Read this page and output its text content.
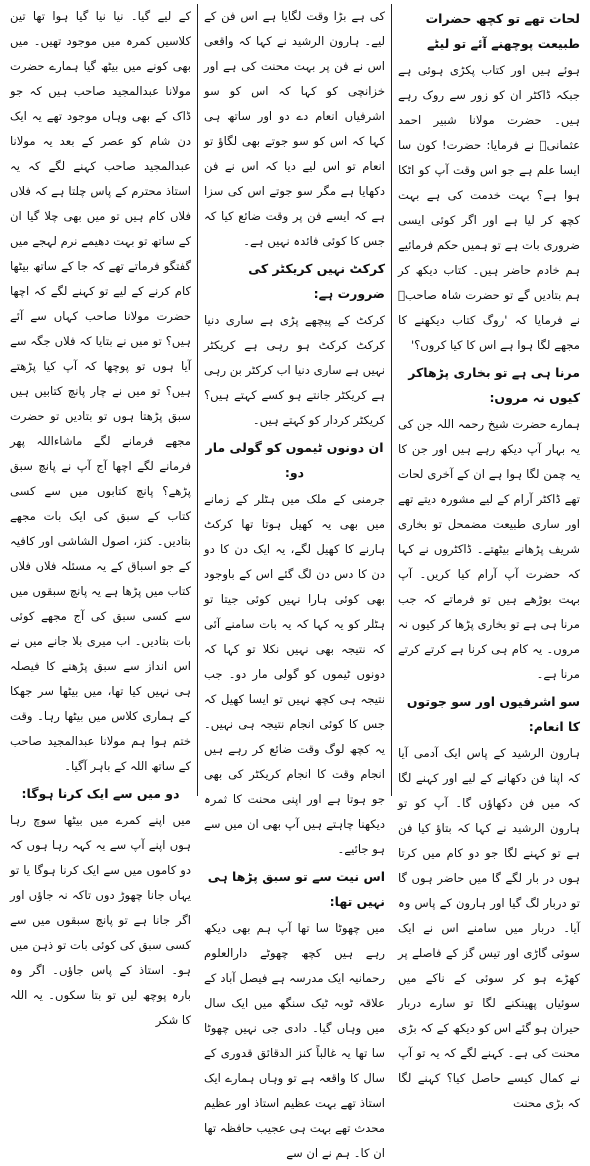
لحات تھے تو کچھ حضرات طبیعت پوچھنے آئے تو لیٹے

ہوئے ہیں اور کتاب پکڑی ہوئی ہے جبکہ ڈاکٹر ان کو زور سے روک رہے ہیں۔ حضرت مولانا شبیر احمد عثمانیؒ نے فرمایا: حضرت! کون سا ایسا علم ہے جو اس وقت آپ کو اٹکا ہوا ہے؟ بہت خدمت کی ہے بہت کچھ کر لیا ہے اور اگر کوئی ایسی ضروری بات ہے تو ہمیں حکم فرمائیے ہم خادم حاضر ہیں۔ کتاب دیکھ کر ہم بتادیں گے تو حضرت شاہ صاحبؒ نے فرمایا کہ 'روگ کتاب دیکھنے کا مجھے لگا ہوا ہے اس کا کیا کروں؟'

مرنا ہی ہے تو بخاری پڑھاکر کیوں نہ مروں:

ہمارے حضرت شیخ رحمہ اللہ جن کی یہ بہار آپ دیکھ رہے ہیں اور جن کا یہ چمن لگا ہوا ہے ان کے آخری لحات تھے ڈاکٹر آرام کے لیے مشورہ دیتے تھے اور ساری طبیعت مضمحل تو بخاری شریف پڑھانے بیٹھتے۔ ڈاکٹروں نے کہا کہ حضرت آپ آرام کیا کریں۔ آپ بہت بوڑھے ہیں تو فرماتے کہ جب مرنا ہی ہے تو بخاری پڑھا کر کیوں نہ مروں۔ یہ کام ہی کرنا ہے کرتے کرتے مرنا ہے۔

سو اشرفیوں اور سو جوتوں کا انعام:

ہارون الرشید کے پاس ایک آدمی آیا کہ اپنا فن دکھانے کے لیے اور کہنے لگا کہ میں فن دکھاؤں گا۔ آپ کو تو ہارون الرشید نے کہا کہ بتاؤ کیا فن ہے تو کہنے لگا جو دو کام میں کرتا ہوں در بار لگے گا میں حاضر ہوں گا تو دربار لگ گیا اور ہارون کے پاس وہ آیا۔ دربار میں سامنے اس نے ایک سوئی گاڑی اور تیس گز کے فاصلے پر کھڑے ہو کر سوئی کے ناکے میں سوئیاں پھینکنے لگا تو سارے دربار حیران ہو گئے اس کو دیکھ کے کہ بڑی محنت کی ہے۔ کہنے لگے کہ یہ تو آپ نے کمال کیسے حاصل کیا؟ کہنے لگا کہ بڑی محنت

کی ہے بڑا وقت لگایا ہے اس فن کے لیے۔ ہارون الرشید نے کہا کہ واقعی اس نے فن پر بہت محنت کی ہے اور خزانچی کو کہا کہ اس کو سو اشرفیاں انعام دے دو اور ساتھ ہی کہا کہ اس کو سو جوتے بھی لگاؤ تو انعام تو اس لیے دیا کہ اس نے فن دکھایا ہے مگر سو جوتے اس کی سزا ہے کہ ایسے فن پر وقت ضائع کیا کہ جس کا کوئی فائدہ نہیں ہے۔

کرکٹ نہیں کریکٹر کی ضرورت ہے:

کرکٹ کے پیچھے پڑی ہے ساری دنیا کرکٹ کرکٹ ہو رہی ہے کریکٹر نہیں ہے ساری دنیا اب کرکٹر بن رہی ہے کریکٹر جانتے ہو کسے کہتے ہیں؟ کریکٹر کردار کو کہتے ہیں۔

ان دونوں ٹیموں کو گولی مار دو:

جرمنی کے ملک میں ہٹلر کے زمانے میں بھی یہ کھیل ہوتا تھا کرکٹ ہارنے کا کھیل لگے، یہ ایک دن کا دو دن کا دس دن لگ گئے اس کے باوجود بھی کوئی ہارا نہیں کوئی جیتا تو ہٹلر کو یہ کہا کہ یہ بات سامنے آئی کہ نتیجہ بھی نہیں نکلا تو کہا کہ دونوں ٹیموں کو گولی مار دو۔ جب نتیجہ ہی کچھ نہیں تو ایسا کھیل کہ جس کا کوئی انجام نتیجہ ہی نہیں۔ یہ کچھ لوگ وقت ضائع کر رہے ہیں انجام وقت کا انجام کریکٹر کی بھی جو ہوتا ہے اور اپنی محنت کا ثمرہ دیکھنا چاہتے ہیں آپ بھی ان میں سے ہو جائیے۔

اس نیت سے تو سبق پڑھا ہی نہیں تھا:

میں چھوٹا سا تھا آپ ہم بھی دیکھ رہے ہیں کچھ چھوٹے دارالعلوم رحمانیہ ایک مدرسہ ہے فیصل آباد کے علاقہ ٹوبہ ٹیک سنگھ میں ایک سال میں وہاں گیا۔ دادی جی نہیں چھوٹا سا تھا یہ غالباً کنز الدقائق قدوری کے سال کا واقعہ ہے تو وہاں ہمارے ایک استاذ تھے بہت عظیم استاذ اور عظیم محدث تھے بہت ہی عجیب حافظہ تھا ان کا۔ ہم نے ان سے

کے لیے گیا۔ نیا نیا گیا ہوا تھا تین کلاسیں کمرہ میں موجود تھیں۔ میں بھی کونے میں بیٹھ گیا ہمارے حضرت مولانا عبدالمجید صاحب ہیں کہ جو ڈاک کے بھی وہاں موجود تھے یہ ایک دن شام کو عصر کے بعد یہ مولانا عبدالمجید صاحب کہنے لگے کہ یہ استاذ محترم کے پاس چلتا ہے کہ فلاں فلاں کام ہیں تو میں بھی چلا گیا ان کے ساتھ تو بہت دھیمے نرم لہجے میں گفتگو فرماتے تھے کہ جا کے ساتھ بیٹھا کام کرنے کے لیے تو کہنے لگے کہ اچھا حضرت مولانا صاحب کہاں سے آئے ہیں؟ تو میں نے بتایا کہ فلاں جگہ سے آیا ہوں تو پوچھا کہ آپ کیا پڑھتے ہیں؟ تو میں نے چار پانچ کتابیں ہیں سبق پڑھتا ہوں تو بتادیں تو حضرت مجھے فرمانے لگے ماشاءاللہ پھر فرمانے لگے اچھا آج آپ نے پانچ سبق پڑھے؟ پانچ کتابوں میں سے کسی کتاب کے سبق کی ایک بات مجھے بتادیں۔ کنز، اصول الشاشی اور کافیہ کے جو اسباق کے یہ مسئلہ فلاں فلاں کتاب میں پڑھا ہے یہ پانچ سبقوں میں سے کسی سبق کی آج مجھے کوئی بات بتادیں۔ اب میری بلا جانے میں نے اس انداز سے سبق پڑھنے کا فیصلہ ہی نہیں کیا تھا، میں بیٹھا سر جھکا کے ہماری کلاس میں بیٹھا رہا۔ وقت ختم ہوا ہم مولانا عبدالمجید صاحب کے ساتھ اللہ کے باہر آگیا۔

دو میں سے ایک کرنا ہوگا:

میں اپنے کمرے میں بیٹھا سوچ رہا ہوں اپنے آپ سے یہ کہہ رہا ہوں کہ دو کاموں میں سے ایک کرنا ہوگا یا تو یہاں جانا چھوڑ دوں تاکہ نہ جاؤں اور اگر جانا ہے تو پانچ سبقوں میں سے کسی سبق کی کوئی بات تو ذہن میں ہو۔ استاذ کے پاس جاؤں۔ اگر وہ بارہ پوچھ لیں تو بتا سکوں۔ یہ اللہ کا شکر
